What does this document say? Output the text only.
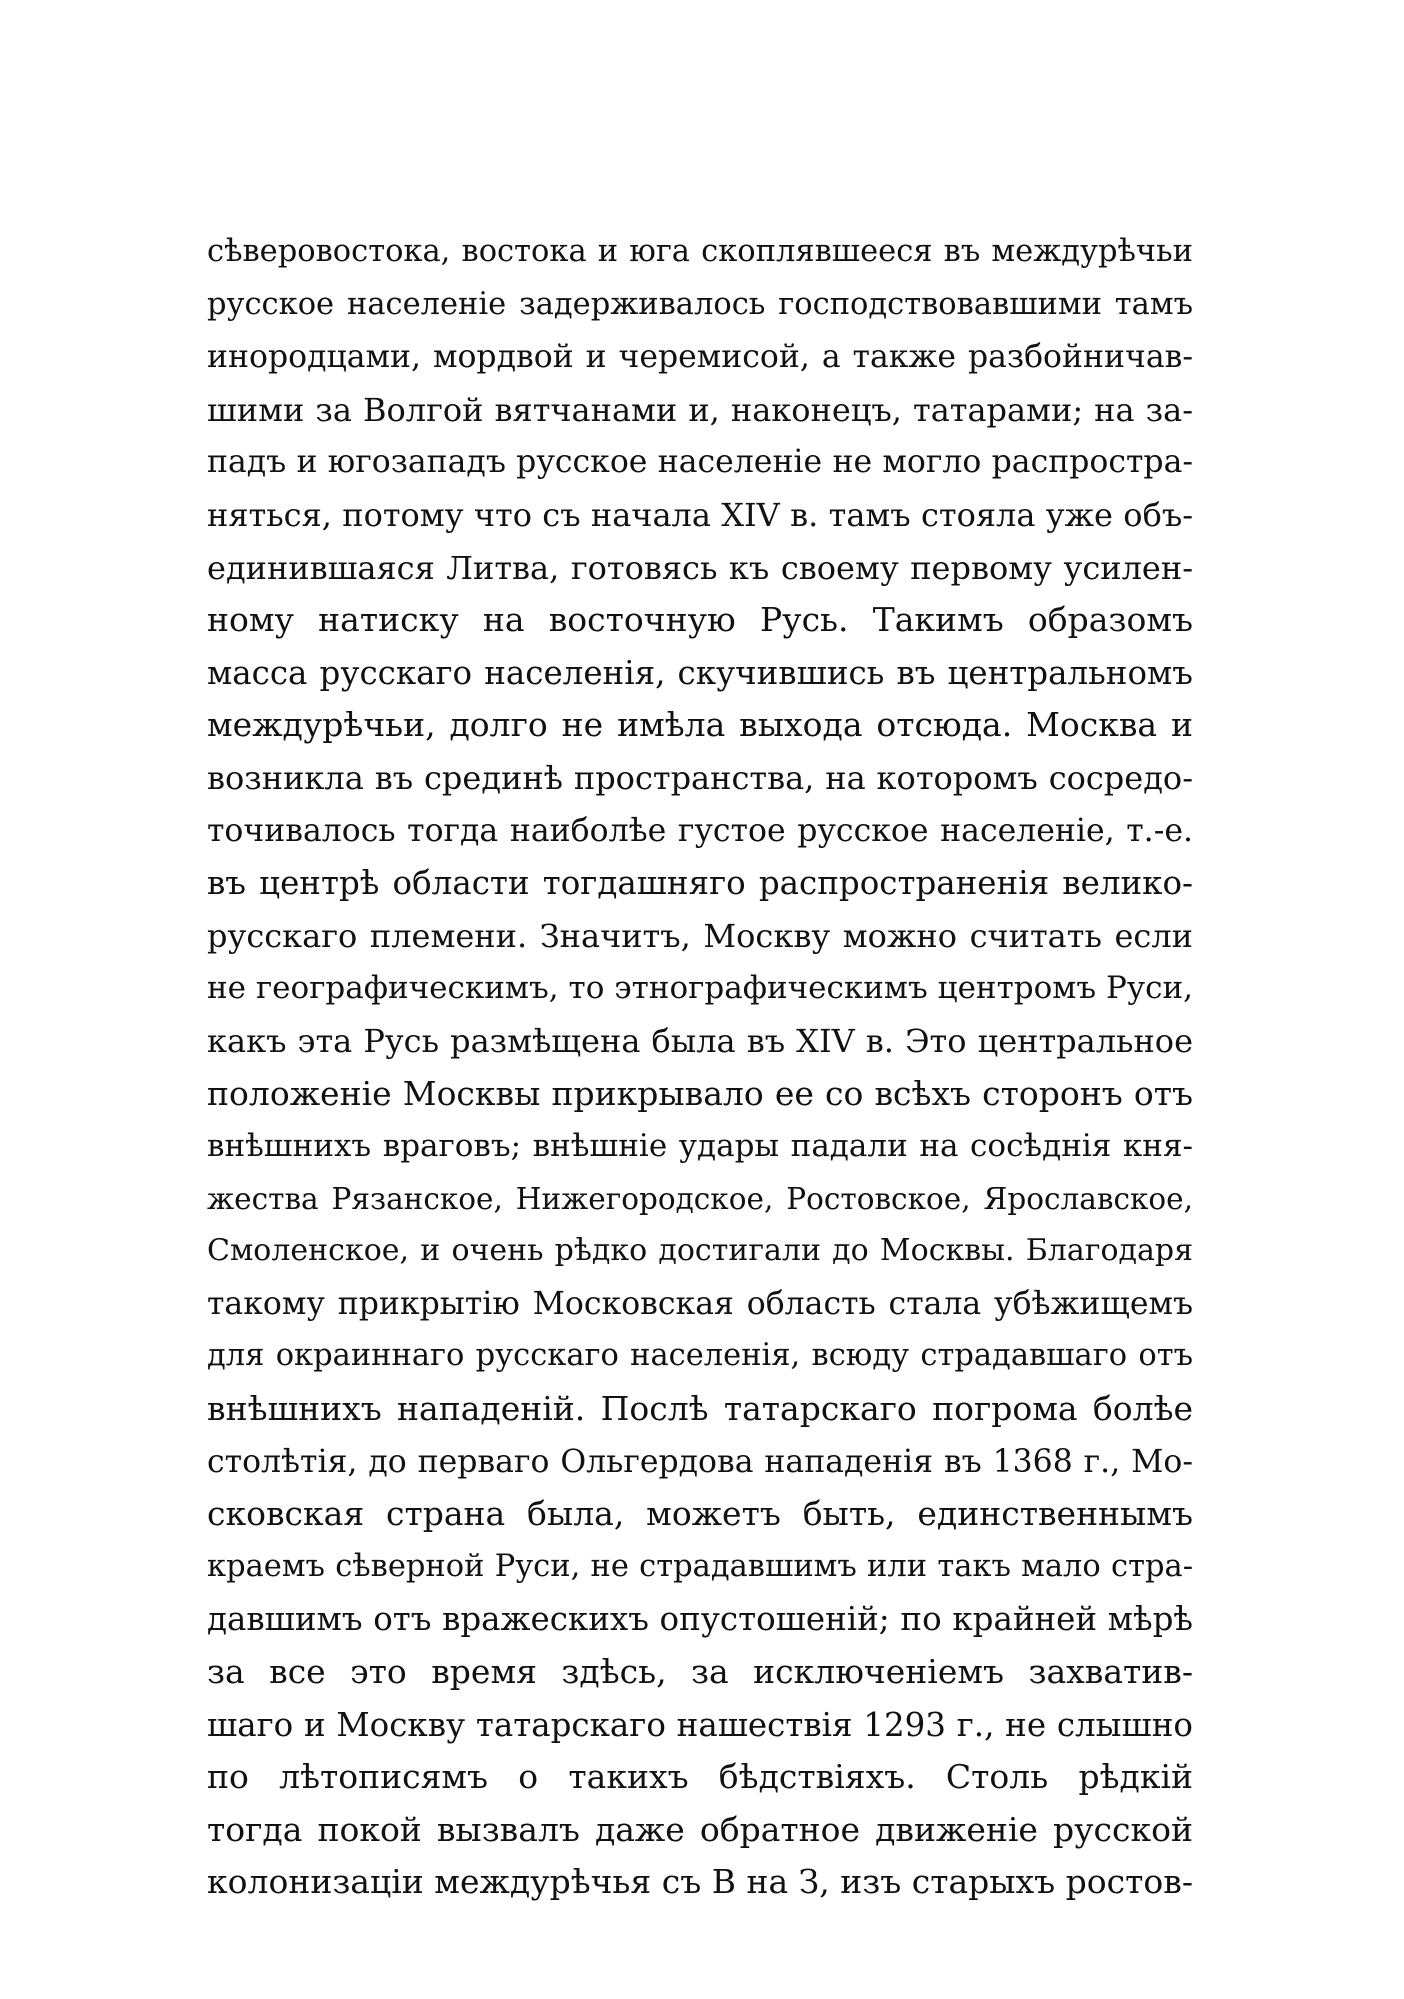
сѣверовостока, востока и юга скоплявшееся въ междурѣчьи
русское населеніе задерживалось господствовавшими тамъ
инородцами, мордвой и черемисой, а также разбойничав-
шими за Волгой вятчанами и, наконецъ, татарами; на за-
падъ и югозападъ русское населеніе не могло распростра-
няться, потому что съ начала XIV в. тамъ стояла уже объ-
единившаяся Литва, готовясь къ своему первому усилен-
ному натиску на восточную Русь. Такимъ образомъ
масса русскаго населенія, скучившись въ центральномъ
междурѣчьи, долго не имѣла выхода отсюда. Москва и
возникла въ срединѣ пространства, на которомъ сосредо-
точивалось тогда наиболѣе густое русское населеніе, т.-е.
въ центрѣ области тогдашняго распространенія велико-
русскаго племени. Значитъ, Москву можно считать если
не географическимъ, то этнографическимъ центромъ Руси,
какъ эта Русь размѣщена была въ XIV в. Это центральное
положеніе Москвы прикрывало ее со всѣхъ сторонъ отъ
внѣшнихъ враговъ; внѣшніе удары падали на сосѣднія кня-
жества Рязанское, Нижегородское, Ростовское, Ярославское,
Смоленское, и очень рѣдко достигали до Москвы. Благодаря
такому прикрытію Московская область стала убѣжищемъ
для окраиннаго русскаго населенія, всюду страдавшаго отъ
внѣшнихъ нападеній. Послѣ татарскаго погрома болѣе
столѣтія, до перваго Ольгердова нападенія въ 1368 г., Мо-
сковская страна была, можетъ быть, единственнымъ
краемъ сѣверной Руси, не страдавшимъ или такъ мало стра-
давшимъ отъ вражескихъ опустошеній; по крайней мѣрѣ
за все это время здѣсь, за исключеніемъ захватив-
шаго и Москву татарскаго нашествія 1293 г., не слышно
по лѣтописямъ о такихъ бѣдствіяхъ. Столь рѣдкій
тогда покой вызвалъ даже обратное движеніе русской
колонизаціи междурѣчья съ В на З, изъ старыхъ ростов-
